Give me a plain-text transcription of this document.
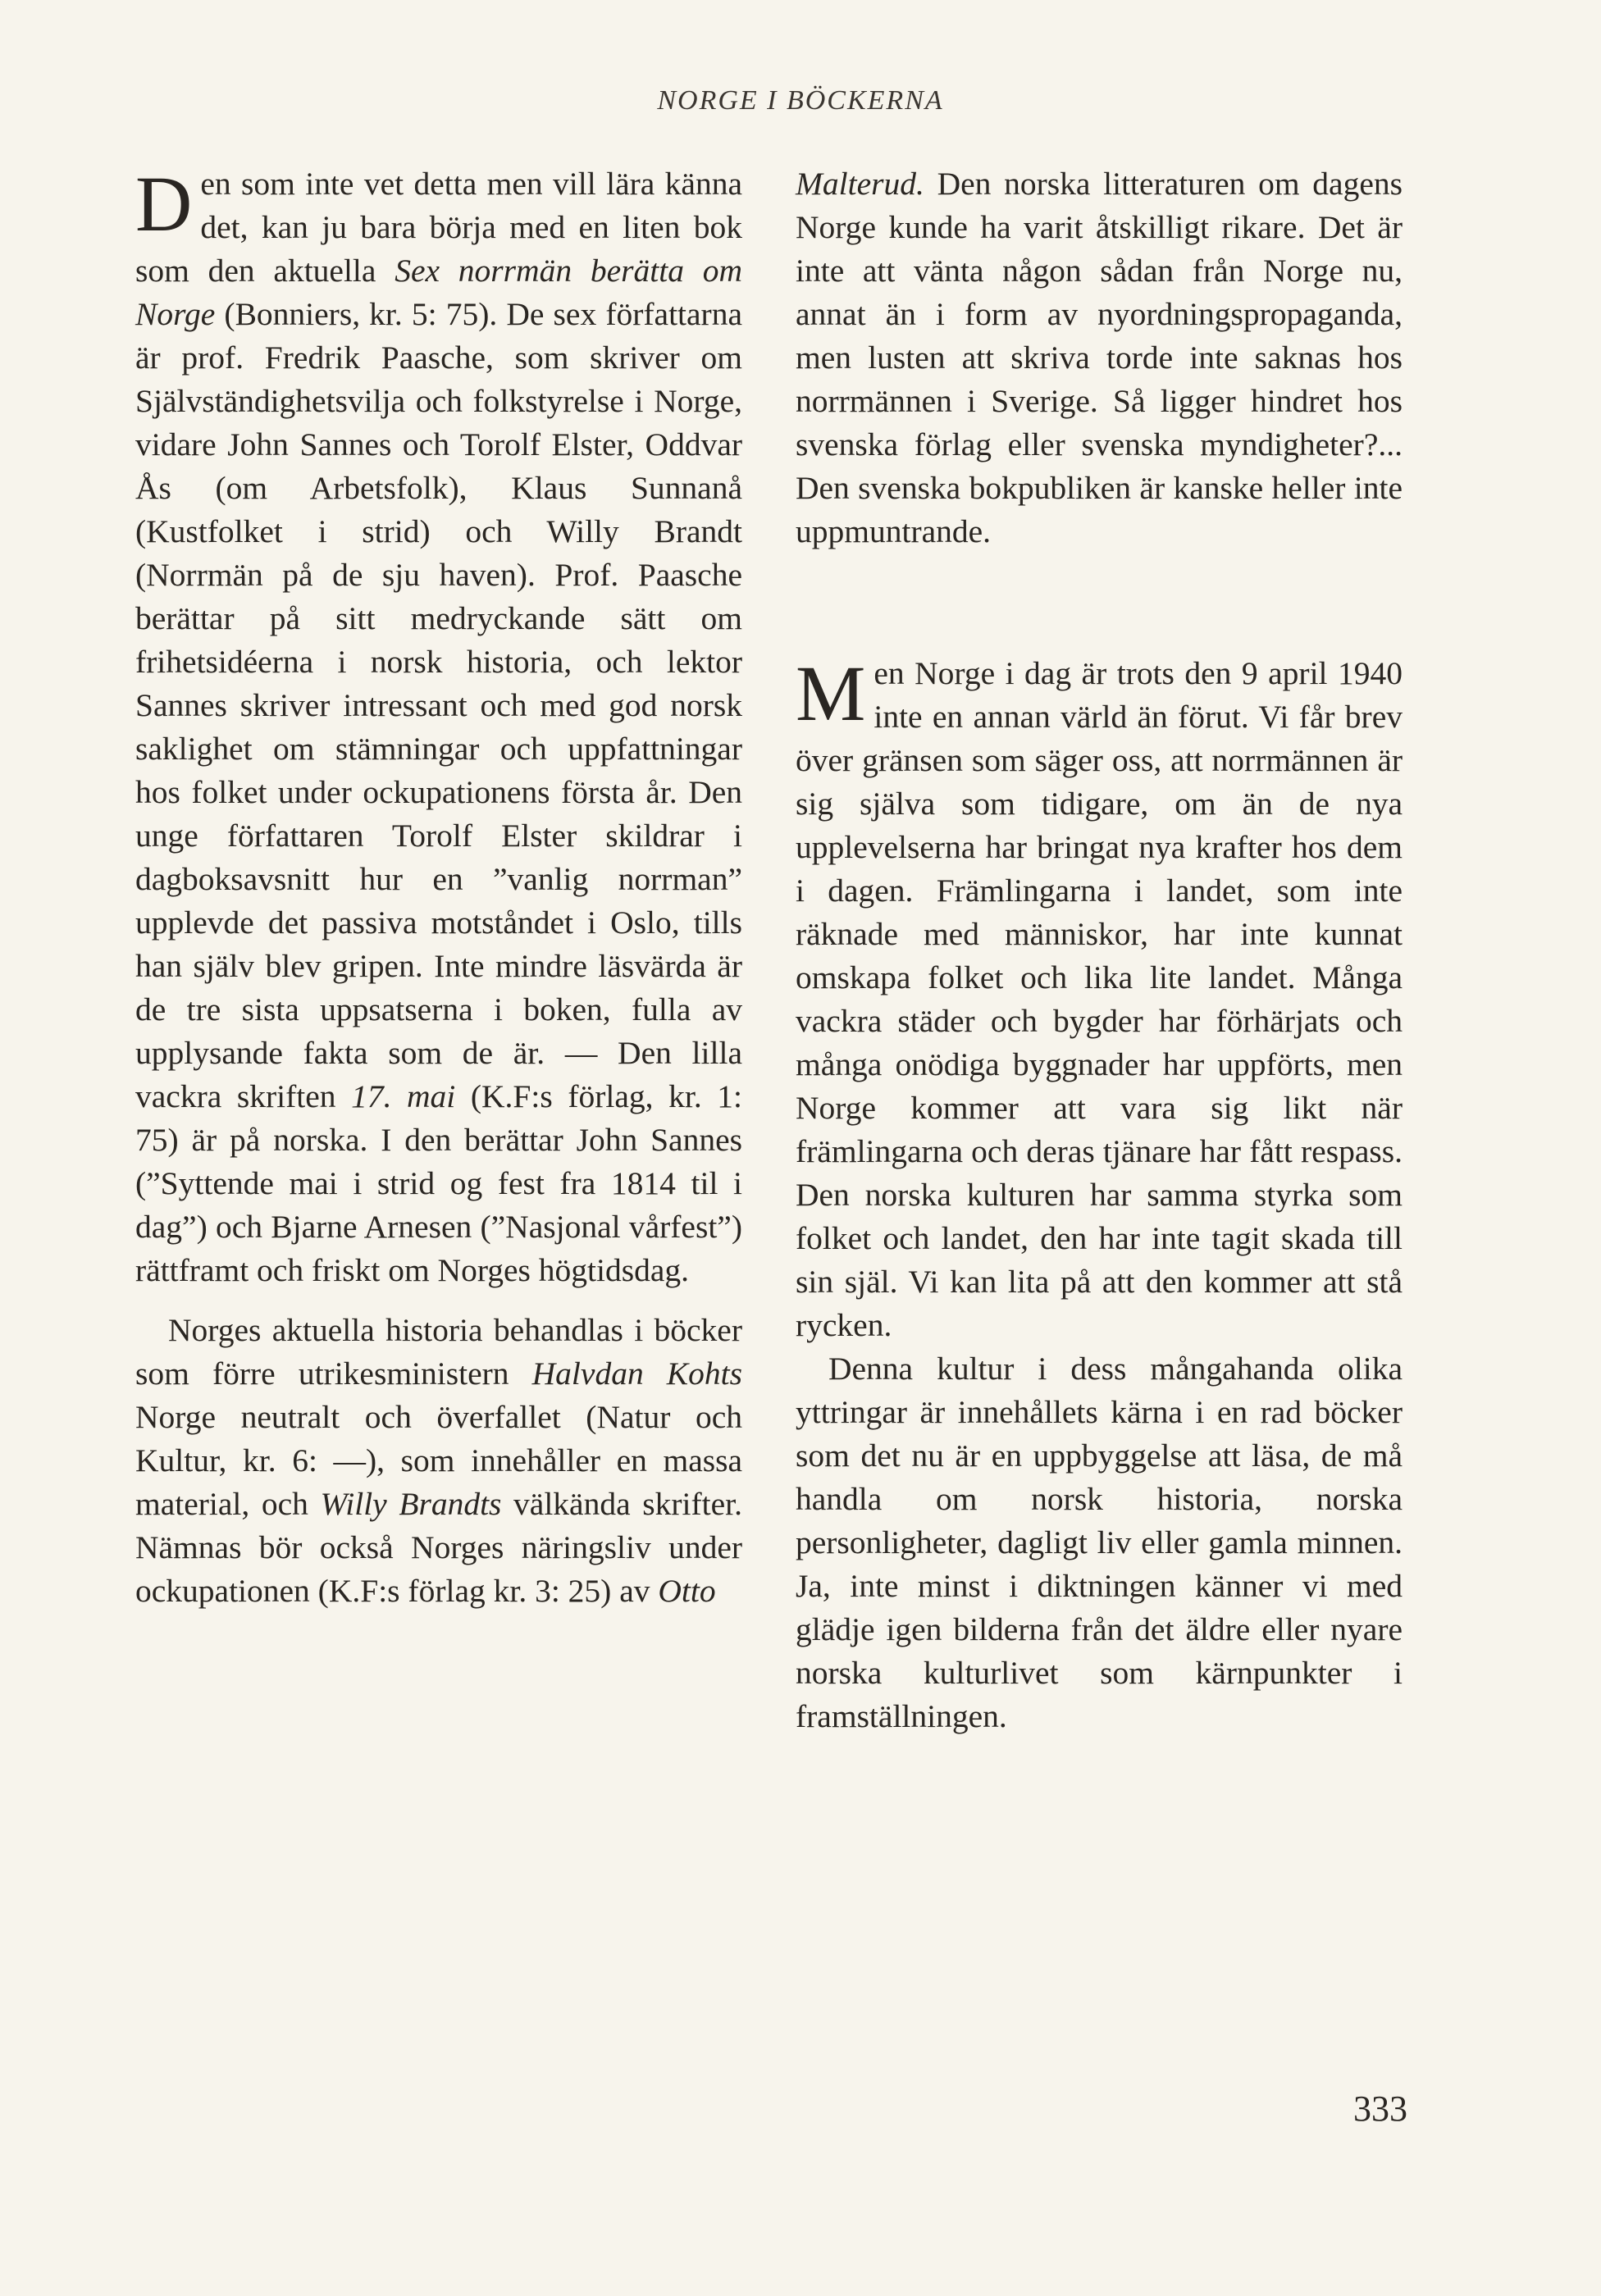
NORGE I BÖCKERNA

Den som inte vet detta men vill lära känna det, kan ju bara börja med en liten bok som den aktuella Sex norrmän berätta om Norge (Bonniers, kr. 5: 75). De sex författarna är prof. Fredrik Paasche, som skriver om Självständighetsvilja och folkstyrelse i Norge, vidare John Sannes och Torolf Elster, Oddvar Ås (om Arbetsfolk), Klaus Sunnanå (Kustfolket i strid) och Willy Brandt (Norrmän på de sju haven). Prof. Paasche berättar på sitt medryckande sätt om frihetsidéerna i norsk historia, och lektor Sannes skriver intressant och med god norsk saklighet om stämningar och uppfattningar hos folket under ockupationens första år. Den unge författaren Torolf Elster skildrar i dagboksavsnitt hur en ”vanlig norrman” upplevde det passiva motståndet i Oslo, tills han själv blev gripen. Inte mindre läsvärda är de tre sista uppsatserna i boken, fulla av upplysande fakta som de är. — Den lilla vackra skriften 17. mai (K.F:s förlag, kr. 1: 75) är på norska. I den berättar John Sannes (”Syttende mai i strid og fest fra 1814 til i dag”) och Bjarne Arnesen (”Nasjonal vårfest”) rättframt och friskt om Norges högtidsdag.

Norges aktuella historia behandlas i böcker som förre utrikesministern Halvdan Kohts Norge neutralt och överfallet (Natur och Kultur, kr. 6: —), som innehåller en massa material, och Willy Brandts välkända skrifter. Nämnas bör också Norges näringsliv under ockupationen (K.F:s förlag kr. 3: 25) av Otto

Malterud. Den norska litteraturen om dagens Norge kunde ha varit åtskilligt rikare. Det är inte att vänta någon sådan från Norge nu, annat än i form av nyordningspropaganda, men lusten att skriva torde inte saknas hos norrmännen i Sverige. Så ligger hindret hos svenska förlag eller svenska myndigheter?... Den svenska bokpubliken är kanske heller inte uppmuntrande.

Men Norge i dag är trots den 9 april 1940 inte en annan värld än förut. Vi får brev över gränsen som säger oss, att norrmännen är sig själva som tidigare, om än de nya upplevelserna har bringat nya krafter hos dem i dagen. Främlingarna i landet, som inte räknade med människor, har inte kunnat omskapa folket och lika lite landet. Många vackra städer och bygder har förhärjats och många onödiga byggnader har uppförts, men Norge kommer att vara sig likt när främlingarna och deras tjänare har fått respass. Den norska kulturen har samma styrka som folket och landet, den har inte tagit skada till sin själ. Vi kan lita på att den kommer att stå rycken.

Denna kultur i dess mångahanda olika yttringar är innehållets kärna i en rad böcker som det nu är en uppbyggelse att läsa, de må handla om norsk historia, norska personligheter, dagligt liv eller gamla minnen. Ja, inte minst i diktningen känner vi med glädje igen bilderna från det äldre eller nyare norska kulturlivet som kärnpunkter i framställningen.

333
